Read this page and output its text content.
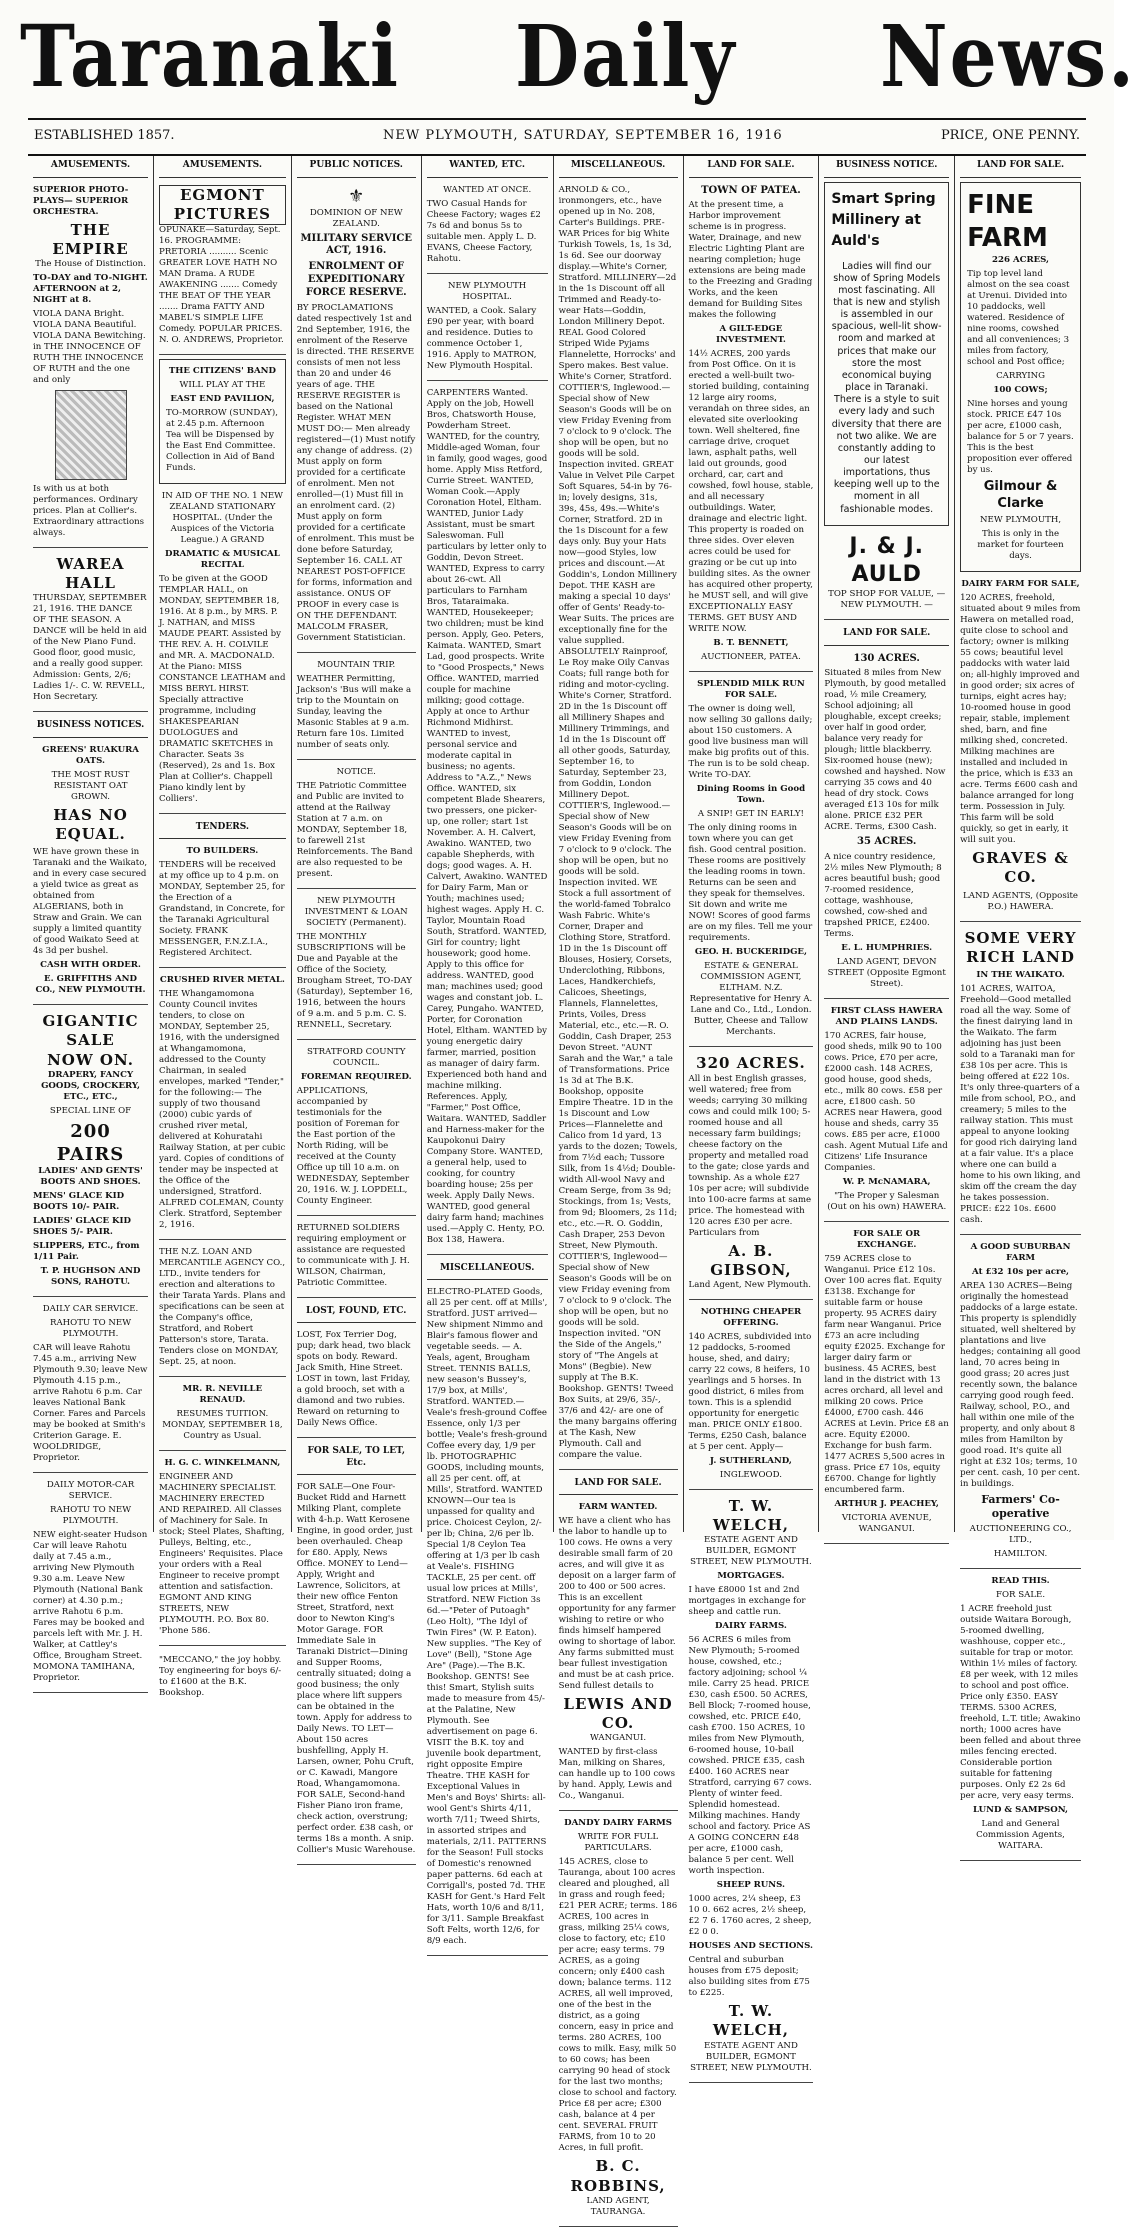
Taranaki Daily News.
ESTABLISHED 1857.	NEW PLYMOUTH, SATURDAY, SEPTEMBER 16, 1916	PRICE, ONE PENNY.
AMUSEMENTS.

SUPERIOR PHOTO-PLAYS— SUPERIOR ORCHESTRA.

THE EMPIRE

The House of Distinction.

TO-DAY and TO-NIGHT. AFTERNOON at 2, NIGHT at 8.

VIOLA DANA Bright. VIOLA DANA Beautiful. VIOLA DANA Bewitching. in THE INNOCENCE OF RUTH THE INNOCENCE OF RUTH and the one and only

Is with us at both performances. Ordinary prices. Plan at Collier's. Extraordinary attractions always.

WAREA HALL

THURSDAY, SEPTEMBER 21, 1916. THE DANCE OF THE SEASON. A DANCE will be held in aid of the New Piano Fund. Good floor, good music, and a really good supper. Admission: Gents, 2/6; Ladies 1/-. C. W. REVELL, Hon Secretary.

BUSINESS NOTICES.

GREENS' RUAKURA OATS.

THE MOST RUST RESISTANT OAT GROWN.

HAS NO EQUAL.

WE have grown these in Taranaki and the Waikato, and in every case secured a yield twice as great as obtained from ALGERIANS, both in Straw and Grain. We can supply a limited quantity of good Waikato Seed at 4s 3d per bushel.

CASH WITH ORDER.

E. GRIFFITHS AND CO., NEW PLYMOUTH.

GIGANTIC SALE
NOW ON.

DRAPERY, FANCY GOODS, CROCKERY, ETC., ETC.,

SPECIAL LINE OF

200 PAIRS

LADIES' AND GENTS' BOOTS AND SHOES.

MENS' GLACE KID BOOTS 10/- PAIR.

LADIES' GLACE KID SHOES 5/- PAIR.

SLIPPERS, ETC., from 1/11 Pair.

T. P. HUGHSON AND SONS, RAHOTU.

DAILY CAR SERVICE.

RAHOTU TO NEW PLYMOUTH.

CAR will leave Rahotu 7.45 a.m., arriving New Plymouth 9.30; leave New Plymouth 4.15 p.m., arrive Rahotu 6 p.m. Car leaves National Bank Corner. Fares and Parcels may be booked at Smith's Criterion Garage. E. WOOLDRIDGE, Proprietor.

DAILY MOTOR-CAR SERVICE.

RAHOTU TO NEW PLYMOUTH.

NEW eight-seater Hudson Car will leave Rahotu daily at 7.45 a.m., arriving New Plymouth 9.30 a.m. Leave New Plymouth (National Bank corner) at 4.30 p.m.; arrive Rahotu 6 p.m. Fares may be booked and parcels left with Mr. J. H. Walker, at Cattley's Office, Brougham Street. MOMONA TAMIHANA, Proprietor.

AMUSEMENTS.
EGMONT PICTURES

OPUNAKE—Saturday, Sept. 16. PROGRAMME: PRETORIA .......... Scenic GREATER LOVE HATH NO MAN Drama. A RUDE AWAKENING ....... Comedy THE BEAT OF THE YEAR ....... Drama FATTY AND MABEL'S SIMPLE LIFE Comedy. POPULAR PRICES. N. O. ANDREWS, Proprietor.

THE CITIZENS' BAND

WILL PLAY AT THE

EAST END PAVILION,

TO-MORROW (SUNDAY), at 2.45 p.m. Afternoon Tea will be Dispensed by the East End Committee. Collection in Aid of Band Funds.

IN AID OF THE NO. 1 NEW ZEALAND STATIONARY HOSPITAL. (Under the Auspices of the Victoria League.) A GRAND

DRAMATIC & MUSICAL RECITAL

To be given at the GOOD TEMPLAR HALL, on MONDAY, SEPTEMBER 18, 1916. At 8 p.m., by MRS. P. J. NATHAN, and MISS MAUDE PEART. Assisted by THE REV. A. H. COLVILE and MR. A. MACDONALD. At the Piano: MISS CONSTANCE LEATHAM and MISS BERYL HIRST. Specially attractive programme, including SHAKESPEARIAN DUOLOGUES and DRAMATIC SKETCHES in Character. Seats 3s (Reserved), 2s and 1s. Box Plan at Collier's. Chappell Piano kindly lent by Colliers'.

TENDERS.

TO BUILDERS.

TENDERS will be received at my office up to 4 p.m. on MONDAY, September 25, for the Erection of a Grandstand, in Concrete, for the Taranaki Agricultural Society. FRANK MESSENGER, F.N.Z.I.A., Registered Architect.

CRUSHED RIVER METAL.

THE Whangamomona County Council invites tenders, to close on MONDAY, September 25, 1916, with the undersigned at Whangamomona, addressed to the County Chairman, in sealed envelopes, marked "Tender," for the following:— The supply of two thousand (2000) cubic yards of crushed river metal, delivered at Kohuratahi Railway Station, at per cubic yard. Copies of conditions of tender may be inspected at the Office of the undersigned, Stratford. ALFRED COLEMAN, County Clerk. Stratford, September 2, 1916.

THE N.Z. LOAN AND MERCANTILE AGENCY CO., LTD., invite tenders for erection and alterations to their Tarata Yards. Plans and specifications can be seen at the Company's office, Stratford, and Robert Patterson's store, Tarata. Tenders close on MONDAY, Sept. 25, at noon.

MR. R. NEVILLE RENAUD.

RESUMES TUITION. MONDAY, SEPTEMBER 18, Country as Usual.

H. G. C. WINKELMANN,

ENGINEER AND MACHINERY SPECIALIST. MACHINERY ERECTED AND REPAIRED. All Classes of Machinery for Sale. In stock; Steel Plates, Shafting, Pulleys, Belting, etc., Engineers' Requisites. Place your orders with a Real Engineer to receive prompt attention and satisfaction. EGMONT AND KING STREETS, NEW PLYMOUTH. P.O. Box 80. 'Phone 586.

"MECCANO," the joy hobby. Toy engineering for boys 6/- to £1600 at the B.K. Bookshop.

PUBLIC NOTICES.
⚜

DOMINION OF NEW ZEALAND.

MILITARY SERVICE ACT, 1916.

ENROLMENT OF EXPEDITIONARY FORCE RESERVE.

BY PROCLAMATIONS dated respectively 1st and 2nd September, 1916, the enrolment of the Reserve is directed. THE RESERVE consists of men not less than 20 and under 46 years of age. THE RESERVE REGISTER is based on the National Register. WHAT MEN MUST DO:— Men already registered—(1) Must notify any change of address. (2) Must apply on form provided for a certificate of enrolment. Men not enrolled—(1) Must fill in an enrolment card. (2) Must apply on form provided for a certificate of enrolment. This must be done before Saturday, September 16. CALL AT NEAREST POST-OFFICE for forms, information and assistance. ONUS OF PROOF in every case is ON THE DEFENDANT. MALCOLM FRASER, Government Statistician.

MOUNTAIN TRIP.

WEATHER Permitting, Jackson's 'Bus will make a trip to the Mountain on Sunday, leaving the Masonic Stables at 9 a.m. Return fare 10s. Limited number of seats only.

NOTICE.

THE Patriotic Committee and Public are invited to attend at the Railway Station at 7 a.m. on MONDAY, September 18, to farewell 21st Reinforcements. The Band are also requested to be present.

NEW PLYMOUTH INVESTMENT & LOAN SOCIETY (Permanent).

THE MONTHLY SUBSCRIPTIONS will be Due and Payable at the Office of the Society, Brougham Street, TO-DAY (Saturday), September 16, 1916, between the hours of 9 a.m. and 5 p.m. C. S. RENNELL, Secretary.

STRATFORD COUNTY COUNCIL.

FOREMAN REQUIRED.

APPLICATIONS, accompanied by testimonials for the position of Foreman for the East portion of the North Riding, will be received at the County Office up till 10 a.m. on WEDNESDAY, September 20, 1916. W. J. LOPDELL, County Engineer.

RETURNED SOLDIERS requiring employment or assistance are requested to communicate with J. H. WILSON, Chairman, Patriotic Committee.

LOST, FOUND, ETC.

LOST, Fox Terrier Dog, pup; dark head, two black spots on body. Reward. Jack Smith, Hine Street. LOST in town, last Friday, a gold brooch, set with a diamond and two rubies. Reward on returning to Daily News Office.

FOR SALE, TO LET, Etc.

FOR SALE—One Four-Bucket Ridd and Harnett Milking Plant, complete with 4-h.p. Watt Kerosene Engine, in good order, just been overhauled. Cheap for £80. Apply, News Office. MONEY to Lend—Apply, Wright and Lawrence, Solicitors, at their new office Fenton Street, Stratford, next door to Newton King's Motor Garage. FOR Immediate Sale in Taranaki District—Dining and Supper Rooms, centrally situated; doing a good business; the only place where lift suppers can be obtained in the town. Apply for address to Daily News. TO LET—About 150 acres bushfelling, Apply H. Larsen, owner, Pohu Cruft, or C. Kawadi, Mangore Road, Whangamomona. FOR SALE, Second-hand Fisher Piano iron frame, check action, overstrung; perfect order. £38 cash, or terms 18s a month. A snip. Collier's Music Warehouse.

WANTED, ETC.

WANTED AT ONCE.

TWO Casual Hands for Cheese Factory; wages £2 7s 6d and bonus 5s to suitable men. Apply L. D. EVANS, Cheese Factory, Rahotu.

NEW PLYMOUTH HOSPITAL.

WANTED, a Cook. Salary £90 per year, with board and residence. Duties to commence October 1, 1916. Apply to MATRON, New Plymouth Hospital.

CARPENTERS Wanted. Apply on the job, Howell Bros, Chatsworth House, Powderham Street. WANTED, for the country, Middle-aged Woman, four in family, good wages, good home. Apply Miss Retford, Currie Street. WANTED, Woman Cook.—Apply Coronation Hotel, Eltham. WANTED, Junior Lady Assistant, must be smart Saleswoman. Full particulars by letter only to Goddin, Devon Street. WANTED, Express to carry about 26-cwt. All particulars to Farnham Bros, Tataraimaka. WANTED, Housekeeper; two children; must be kind person. Apply, Geo. Peters, Kaimata. WANTED, Smart Lad, good prospects. Write to "Good Prospects," News Office. WANTED, married couple for machine milking; good cottage. Apply at once to Arthur Richmond Midhirst. WANTED to invest, personal service and moderate capital in business; no agents. Address to "A.Z.," News Office. WANTED, six competent Blade Shearers, two pressers, one picker-up, one roller; start 1st November. A. H. Calvert, Awakino. WANTED, two capable Shepherds, with dogs; good wages. A. H. Calvert, Awakino. WANTED for Dairy Farm, Man or Youth; machines used; highest wages. Apply H. C. Taylor, Mountain Road South, Stratford. WANTED, Girl for country; light housework; good home. Apply to this office for address. WANTED, good man; machines used; good wages and constant job. L. Carey, Pungaho. WANTED, Porter, for Coronation Hotel, Eltham. WANTED by young energetic dairy farmer, married, position as manager of dairy farm. Experienced both hand and machine milking. References. Apply, "Farmer," Post Office, Waitara. WANTED, Saddler and Harness-maker for the Kaupokonui Dairy Company Store. WANTED, a general help, used to cooking, for country boarding house; 25s per week. Apply Daily News. WANTED, good general dairy farm hand; machines used.—Apply C. Henty, P.O. Box 138, Hawera.

MISCELLANEOUS.

ELECTRO-PLATED Goods, all 25 per cent. off at Mills', Stratford. JUST arrived—New shipment Nimmo and Blair's famous flower and vegetable seeds. — A. Yeals, agent, Brougham Street. TENNIS BALLS, new season's Bussey's, 17/9 box, at Mills', Stratford. WANTED.—Veale's fresh-ground Coffee Essence, only 1/3 per bottle; Veale's fresh-ground Coffee every day, 1/9 per lb. PHOTOGRAPHIC GOODS, including mounts, all 25 per cent. off, at Mills', Stratford. WANTED KNOWN—Our tea is unpassed for quality and price. Choicest Ceylon, 2/- per lb; China, 2/6 per lb. Special 1/8 Ceylon Tea offering at 1/3 per lb cash at Veale's. FISHING TACKLE, 25 per cent. off usual low prices at Mills', Stratford. NEW Fiction 3s 6d.—"Peter of Putoagh" (Leo Holt), "The Idyl of Twin Fires" (W. P. Eaton). New supplies. "The Key of Love" (Bell), "Stone Age Are" (Page).—The B.K. Bookshop. GENTS! See this! Smart, Stylish suits made to measure from 45/- at the Palatine, New Plymouth. See advertisement on page 6. VISIT the B.K. toy and juvenile book department, right opposite Empire Theatre. THE KASH for Exceptional Values in Men's and Boys' Shirts: all-wool Gent's Shirts 4/11, worth 7/11; Tweed Shirts, in assorted stripes and materials, 2/11. PATTERNS for the Season! Full stocks of Domestic's renowned paper patterns. 6d each at Corrigall's, posted 7d. THE KASH for Gent.'s Hard Felt Hats, worth 10/6 and 8/11, for 3/11. Sample Breakfast Soft Felts, worth 12/6, for 8/9 each.

MISCELLANEOUS.

ARNOLD & CO., ironmongers, etc., have opened up in No. 208, Carter's Buildings. PRE-WAR Prices for big White Turkish Towels, 1s, 1s 3d, 1s 6d. See our doorway display.—White's Corner, Stratford. MILLINERY—2d in the 1s Discount off all Trimmed and Ready-to-wear Hats—Goddin, London Millinery Depot. REAL Good Colored Striped Wide Pyjams Flannelette, Horrocks' and Spero makes. Best value. White's Corner, Stratford. COTTIER'S, Inglewood.—Special show of New Season's Goods will be on view Friday Evening from 7 o'clock to 9 o'clock. The shop will be open, but no goods will be sold. Inspection invited. GREAT Value in Velvet Pile Carpet Soft Squares, 54-in by 76-in; lovely designs, 31s, 39s, 45s, 49s.—White's Corner, Stratford. 2D in the 1s Discount for a few days only. Buy your Hats now—good Styles, low prices and discount.—At Goddin's, London Millinery Depot. THE KASH are making a special 10 days' offer of Gents' Ready-to-Wear Suits. The prices are exceptionally fine for the value supplied. ABSOLUTELY Rainproof, Le Roy make Oily Canvas Coats; full range both for riding and motor-cycling. White's Corner, Stratford. 2D in the 1s Discount off all Millinery Shapes and Millinery Trimmings, and 1d in the 1s Discount off all other goods, Saturday, September 16, to Saturday, September 23, from Goddin, London Millinery Depot. COTTIER'S, Inglewood.—Special show of New Season's Goods will be on view Friday Evening from 7 o'clock to 9 o'clock. The shop will be open, but no goods will be sold. Inspection invited. WE Stock a full assortment of the world-famed Tobralco Wash Fabric. White's Corner, Draper and Clothing Store, Stratford. 1D in the 1s Discount off Blouses, Hosiery, Corsets, Underclothing, Ribbons, Laces, Handkerchiefs, Calicoes, Sheetings, Flannels, Flannelettes, Prints, Voiles, Dress Material, etc., etc.—R. O. Goddin, Cash Draper, 253 Devon Street. "AUNT Sarah and the War," a tale of Transformations. Price 1s 3d at The B.K. Bookshop, opposite Empire Theatre. 1D in the 1s Discount and Low Prices—Flannelette and Calico from 1d yard, 13 yards to the dozen; Towels, from 7½d each; Tussore Silk, from 1s 4½d; Double-width All-wool Navy and Cream Serge, from 3s 9d; Stockings, from 1s; Vests, from 9d; Bloomers, 2s 11d; etc., etc.—R. O. Goddin, Cash Draper, 253 Devon Street, New Plymouth. COTTIER'S, Inglewood—Special show of New Season's Goods will be on view Friday evening from 7 o'clock to 9 o'clock. The shop will be open, but no goods will be sold. Inspection invited. "ON the Side of the Angels," story of "The Angels at Mons" (Begbie). New supply at The B.K. Bookshop. GENTS! Tweed Box Suits, at 29/6, 35/-, 37/6 and 42/- are one of the many bargains offering at The Kash, New Plymouth. Call and compare the value.

LAND FOR SALE.

FARM WANTED.

WE have a client who has the labor to handle up to 100 cows. He owns a very desirable small farm of 20 acres, and will give it as deposit on a larger farm of 200 to 400 or 500 acres. This is an excellent opportunity for any farmer wishing to retire or who finds himself hampered owing to shortage of labor. Any farms submitted must bear fullest investigation and must be at cash price. Send fullest details to

LEWIS AND CO.

WANGANUI.

WANTED by first-class Man, milking on Shares, can handle up to 100 cows by hand. Apply, Lewis and Co., Wanganui.

DANDY DAIRY FARMS

WRITE FOR FULL PARTICULARS.

145 ACRES, close to Tauranga, about 100 acres cleared and ploughed, all in grass and rough feed; £21 PER ACRE; terms. 186 ACRES, 100 acres in grass, milking 25¼ cows, close to factory, etc; £10 per acre; easy terms. 79 ACRES, as a going concern; only £400 cash down; balance terms. 112 ACRES, all well improved, one of the best in the district, as a going concern, easy in price and terms. 280 ACRES, 100 cows to milk. Easy, milk 50 to 60 cows; has been carrying 90 head of stock for the last two months; close to school and factory. Price £8 per acre; £300 cash, balance at 4 per cent. SEVERAL FRUIT FARMS, from 10 to 20 Acres, in full profit.

B. C. ROBBINS,

LAND AGENT, TAURANGA.

LAND FOR SALE.

TOWN OF PATEA.

At the present time, a Harbor improvement scheme is in progress. Water, Drainage, and new Electric Lighting Plant are nearing completion; huge extensions are being made to the Freezing and Grading Works, and the keen demand for Building Sites makes the following

A GILT-EDGE INVESTMENT.

14½ ACRES, 200 yards from Post Office. On it is erected a well-built two-storied building, containing 12 large airy rooms, verandah on three sides, an elevated site overlooking town. Well sheltered, fine carriage drive, croquet lawn, asphalt paths, well laid out grounds, good orchard, car, cart and cowshed, fowl house, stable, and all necessary outbuildings. Water, drainage and electric light. This property is roaded on three sides. Over eleven acres could be used for grazing or be cut up into building sites. As the owner has acquired other property, he MUST sell, and will give EXCEPTIONALLY EASY TERMS. GET BUSY AND WRITE NOW.

B. T. BENNETT,

AUCTIONEER, PATEA.

SPLENDID MILK RUN FOR SALE.

The owner is doing well, now selling 30 gallons daily; about 150 customers. A good live business man will make big profits out of this. The run is to be sold cheap. Write TO-DAY.

Dining Rooms in Good Town.

A SNIP! GET IN EARLY!

The only dining rooms in town where you can get fish. Good central position. These rooms are positively the leading rooms in town. Returns can be seen and they speak for themselves. Sit down and write me NOW! Scores of good farms are on my files. Tell me your requirements.

GEO. H. BUCKERIDGE,

ESTATE & GENERAL COMMISSION AGENT, ELTHAM. N.Z. Representative for Henry A. Lane and Co., Ltd., London. Butter, Cheese and Tallow Merchants.

320 ACRES.

All in best English grasses, well watered; free from weeds; carrying 30 milking cows and could milk 100; 5-roomed house and all necessary farm buildings; cheese factory on the property and metalled road to the gate; close yards and township. As a whole £27 10s per acre; will subdivide into 100-acre farms at same price. The homestead with 120 acres £30 per acre. Particulars from

A. B. GIBSON,

Land Agent, New Plymouth.

NOTHING CHEAPER OFFERING.

140 ACRES, subdivided into 12 paddocks, 5-roomed house, shed, and dairy; carry 22 cows, 8 heifers, 10 yearlings and 5 horses. In good district, 6 miles from town. This is a splendid opportunity for energetic man. PRICE ONLY £1800. Terms, £250 Cash, balance at 5 per cent. Apply—

J. SUTHERLAND,

INGLEWOOD.

T. W. WELCH,

ESTATE AGENT AND BUILDER, EGMONT STREET, NEW PLYMOUTH.

MORTGAGES.

I have £8000 1st and 2nd mortgages in exchange for sheep and cattle run.

DAIRY FARMS.

56 ACRES 6 miles from New Plymouth; 5-roomed house, cowshed, etc.; factory adjoining; school ¼ mile. Carry 25 head. PRICE £30, cash £500. 50 ACRES, Bell Block; 7-roomed house, cowshed, etc. PRICE £40, cash £700. 150 ACRES, 10 miles from New Plymouth, 6-roomed house, 10-bail cowshed. PRICE £35, cash £400. 160 ACRES near Stratford, carrying 67 cows. Plenty of winter feed. Splendid homestead. Milking machines. Handy school and factory. Price AS A GOING CONCERN £48 per acre, £1000 cash, balance 5 per cent. Well worth inspection.

SHEEP RUNS.

1000 acres, 2¼ sheep, £3 10 0. 662 acres, 2½ sheep, £2 7 6. 1760 acres, 2 sheep, £2 0 0.

HOUSES AND SECTIONS.

Central and suburban houses from £75 deposit; also building sites from £75 to £225.

T. W. WELCH,

ESTATE AGENT AND BUILDER, EGMONT STREET, NEW PLYMOUTH.

BUSINESS NOTICE.

Smart Spring Millinery at Auld's

Ladies will find our show of Spring Models most fascinating. All that is new and stylish is assembled in our spacious, well-lit show-room and marked at prices that make our store the most economical buying place in Taranaki. There is a style to suit every lady and such diversity that there are not two alike. We are constantly adding to our latest importations, thus keeping well up to the moment in all fashionable modes.

J. & J. AULD

TOP SHOP FOR VALUE, — NEW PLYMOUTH. —

LAND FOR SALE.

130 ACRES.

Situated 8 miles from New Plymouth, by good metalled road, ½ mile Creamery, School adjoining; all ploughable, except creeks; over half in good order, balance very ready for plough; little blackberry. Six-roomed house (new); cowshed and hayshed. Now carrying 35 cows and 40 head of dry stock. Cows averaged £13 10s for milk alone. PRICE £32 PER ACRE. Terms, £300 Cash.

35 ACRES.

A nice country residence, 2½ miles New Plymouth; 8 acres beautiful bush; good 7-roomed residence, cottage, washhouse, cowshed, cow-shed and trapshed PRICE, £2400. Terms.

E. L. HUMPHRIES.

LAND AGENT, DEVON STREET (Opposite Egmont Street).

FIRST CLASS HAWERA AND PLAINS LANDS.

170 ACRES, fair house, good sheds, milk 90 to 100 cows. Price, £70 per acre, £2000 cash. 148 ACRES, good house, good sheds, etc., milk 80 cows. £58 per acre, £1800 cash. 50 ACRES near Hawera, good house and sheds, carry 35 cows. £85 per acre, £1000 cash. Agent Mutual Life and Citizens' Life Insurance Companies.

W. P. McNAMARA,

"The Proper y Salesman (Out on his own) HAWERA.

FOR SALE OR EXCHANGE.

759 ACRES close to Wanganui. Price £12 10s. Over 100 acres flat. Equity £3138. Exchange for suitable farm or house property. 95 ACRES dairy farm near Wanganui. Price £73 an acre including equity £2025. Exchange for larger dairy farm or business. 45 ACRES, best land in the district with 13 acres orchard, all level and milking 20 cows. Price £4000, £700 cash. 446 ACRES at Levin. Price £8 an acre. Equity £2000. Exchange for bush farm. 1477 ACRES 5,500 acres in grass. Price £7 10s, equity £6700. Change for lightly encumbered farm.

ARTHUR J. PEACHEY,

VICTORIA AVENUE, WANGANUI.

LAND FOR SALE.
FINE
FARM

226 ACRES,

Tip top level land almost on the sea coast at Urenui. Divided into 10 paddocks, well watered. Residence of nine rooms, cowshed and all conveniences; 3 miles from factory, school and Post office;

CARRYING

100 COWS;

Nine horses and young stock. PRICE £47 10s per acre, £1000 cash, balance for 5 or 7 years. This is the best proposition ever offered by us.

Gilmour & Clarke

NEW PLYMOUTH,

This is only in the market for fourteen days.

DAIRY FARM FOR SALE,

120 ACRES, freehold, situated about 9 miles from Hawera on metalled road, quite close to school and factory; owner is milking 55 cows; beautiful level paddocks with water laid on; all-highly improved and in good order; six acres of turnips, eight acres hay; 10-roomed house in good repair, stable, implement shed, barn, and fine milking shed, concreted. Milking machines are installed and included in the price, which is £33 an acre. Terms £600 cash and balance arranged for long term. Possession in July. This farm will be sold quickly, so get in early, it will suit you.

GRAVES & CO.

LAND AGENTS, (Opposite P.O.) HAWERA.

SOME VERY RICH LAND

IN THE WAIKATO.

101 ACRES, WAITOA, Freehold—Good metalled road all the way. Some of the finest dairying land in the Waikato. The farm adjoining has just been sold to a Taranaki man for £38 10s per acre. This is being offered at £22 10s. It's only three-quarters of a mile from school, P.O., and creamery; 5 miles to the railway station. This must appeal to anyone looking for good rich dairying land at a fair value. It's a place where one can build a home to his own liking, and skim off the cream the day he takes possession. PRICE: £22 10s. £600 cash.

A GOOD SUBURBAN FARM

At £32 10s per acre,

AREA 130 ACRES—Being originally the homestead paddocks of a large estate. This property is splendidly situated, well sheltered by plantations and live hedges; containing all good land, 70 acres being in good grass; 20 acres just recently sown, the balance carrying good rough feed. Railway, school, P.O., and hall within one mile of the property, and only about 8 miles from Hamilton by good road. It's quite all right at £32 10s; terms, 10 per cent. cash, 10 per cent. in buildings.

Farmers' Co-operative

AUCTIONEERING CO., LTD.,

HAMILTON.

READ THIS.

FOR SALE.

1 ACRE freehold just outside Waitara Borough, 5-roomed dwelling, washhouse, copper etc., suitable for trap or motor. Within 1½ miles of factory. £8 per week, with 12 miles to school and post office. Price only £350. EASY TERMS. 5300 ACRES, freehold, L.T. title; Awakino north; 1000 acres have been felled and about three miles fencing erected. Considerable portion suitable for fattening purposes. Only £2 2s 6d per acre, very easy terms.

LUND & SAMPSON,

Land and General Commission Agents, WAITARA.
